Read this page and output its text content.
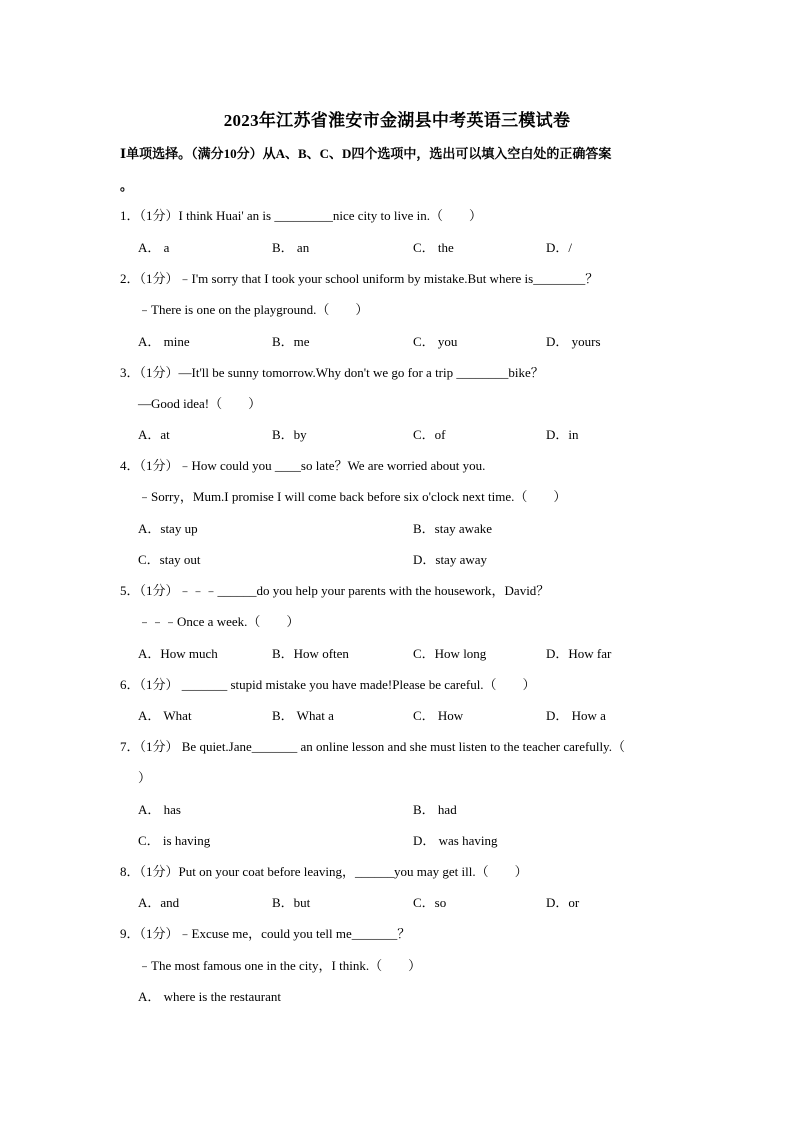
2023年江苏省淮安市金湖县中考英语三模试卷
Ⅰ单项选择。（满分10分）从A、B、C、D四个选项中，选出可以填入空白处的正确答案
。
1．（1分）I think Huai' an is _________nice city to live in.（　　）
A． a	B． an	C． the	D．/
2．（1分）﹣I'm sorry that I took your school uniform by mistake.But where is________？
﹣There is one on the playground.（　　）
A． mine	B．me	C． you	D． yours
3．（1分）—It'll be sunny tomorrow.Why don't we go for a trip ________bike？
—Good idea!（　　）
A．at	B．by	C．of	D．in
4．（1分）﹣How could you ____so late？We are worried about you.
﹣Sorry，Mum.I promise I will come back before six o'clock next time.（　　）
A．stay up	B．stay awake
C．stay out	D．stay away
5．（1分）﹣﹣﹣______do you help your parents with the housework，David？
﹣﹣﹣Once a week.（　　）
A．How much	B．How often	C．How long	D．How far
6．（1分） _______ stupid mistake you have made!Please be careful.（　　）
A． What	B． What a	C． How	D． How a
7．（1分） Be quiet.Jane_______ an online lesson and she must listen to the teacher carefully.（
）
A． has	B． had
C． is having	D． was having
8．（1分）Put on your coat before leaving，______you may get ill.（　　）
A．and	B．but	C．so	D．or
9．（1分）﹣Excuse me，could you tell me_______？
﹣The most famous one in the city，I think.（　　）
A． where is the restaurant
